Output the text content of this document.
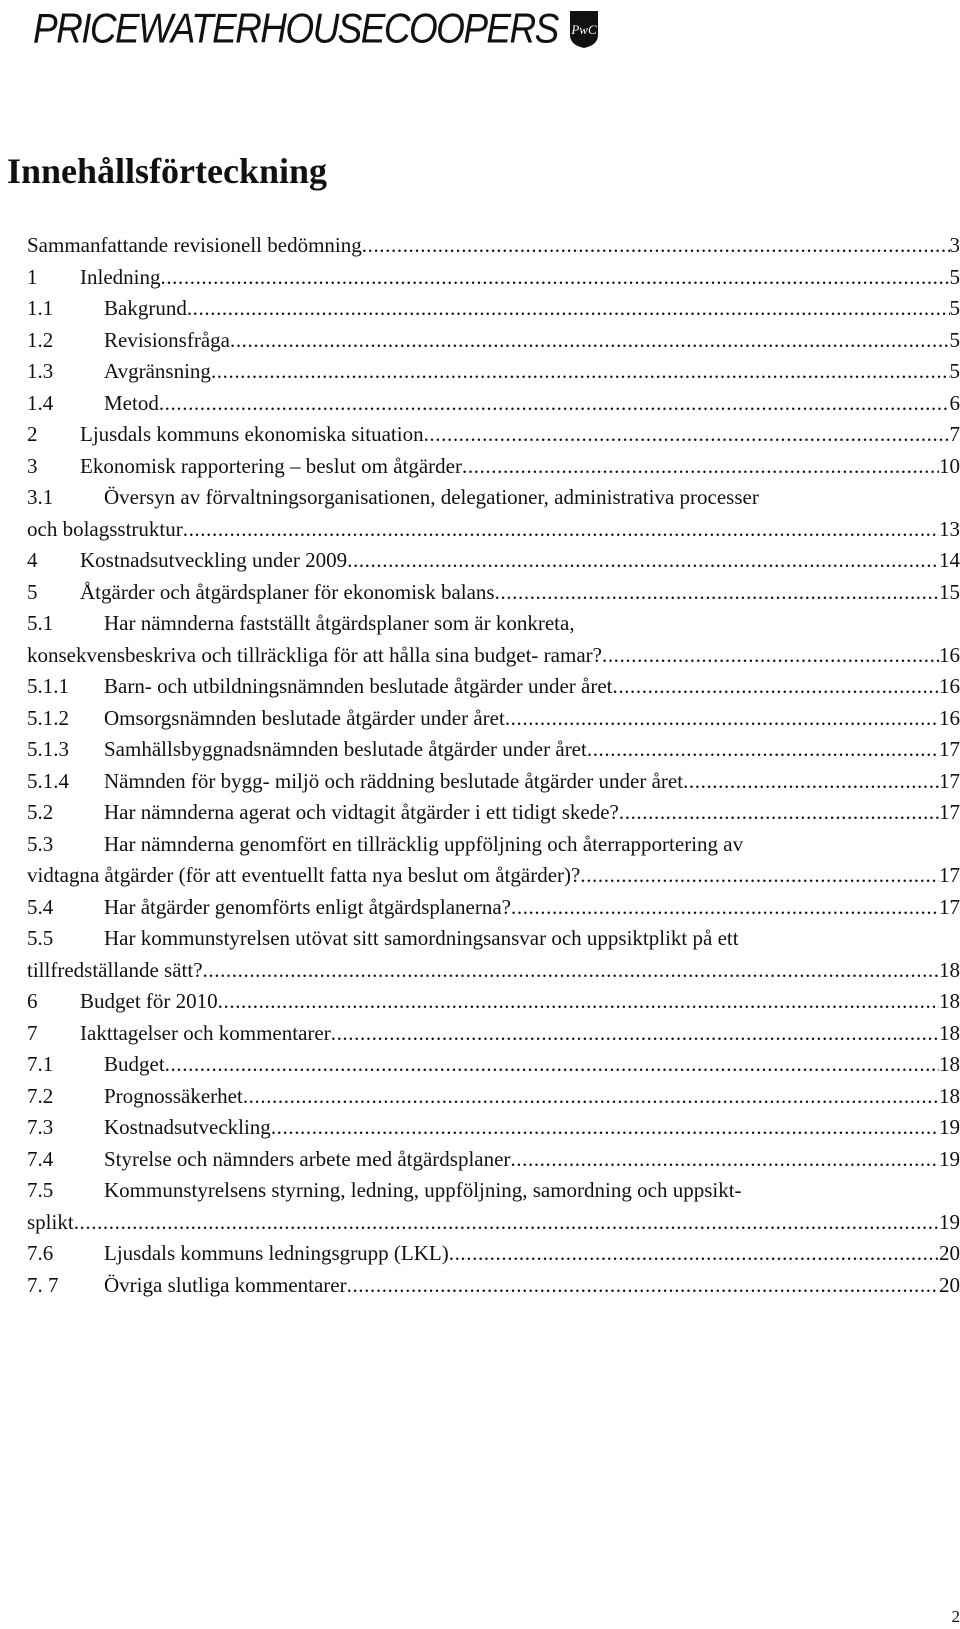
PRICEWATERHOUSECOOPERS PwC
Innehållsförteckning
Sammanfattande revisionell bedömning .....	3
1 Inledning .....	5
1.1 Bakgrund .....	5
1.2 Revisionsfråga .....	5
1.3 Avgränsning .....	5
1.4 Metod .....	6
2 Ljusdals kommuns ekonomiska situation .....	7
3 Ekonomisk rapportering – beslut om åtgärder .....	10
3.1 Översyn av förvaltningsorganisationen, delegationer, administrativa processer
och bolagsstruktur .....	13
4 Kostnadsutveckling under 2009 .....	14
5 Åtgärder och åtgärdsplaner för ekonomisk balans .....	15
5.1 Har nämnderna fastställt åtgärdsplaner som är konkreta,
konsekvensbeskriva och tillräckliga för att hålla sina budget- ramar? .....	16
5.1.1 Barn- och utbildningsnämnden beslutade åtgärder under året .....	16
5.1.2 Omsorgsnämnden beslutade åtgärder under året .....	16
5.1.3 Samhällsbyggnadsnämnden beslutade åtgärder under året .....	17
5.1.4 Nämnden för bygg- miljö och räddning beslutade åtgärder under året .....	17
5.2 Har nämnderna agerat och vidtagit åtgärder i ett tidigt skede? .....	17
5.3 Har nämnderna genomfört en tillräcklig uppföljning och återrapportering av
vidtagna åtgärder (för att eventuellt fatta nya beslut om åtgärder)? .....	17
5.4 Har åtgärder genomförts enligt åtgärdsplanerna? .....	17
5.5 Har kommunstyrelsen utövat sitt samordningsansvar och uppsiktplikt på ett
tillfredställande sätt? .....	18
6 Budget för 2010 .....	18
7 Iakttagelser och kommentarer .....	18
7.1 Budget .....	18
7.2 Prognossäkerhet .....	18
7.3 Kostnadsutveckling .....	19
7.4 Styrelse och nämnders arbete med åtgärdsplaner .....	19
7.5 Kommunstyrelsens styrning, ledning, uppföljning, samordning och uppsikt-
splikt .....	19
7.6 Ljusdals kommuns ledningsgrupp (LKL) .....	20
7. 7 Övriga slutliga kommentarer .....	20
2
